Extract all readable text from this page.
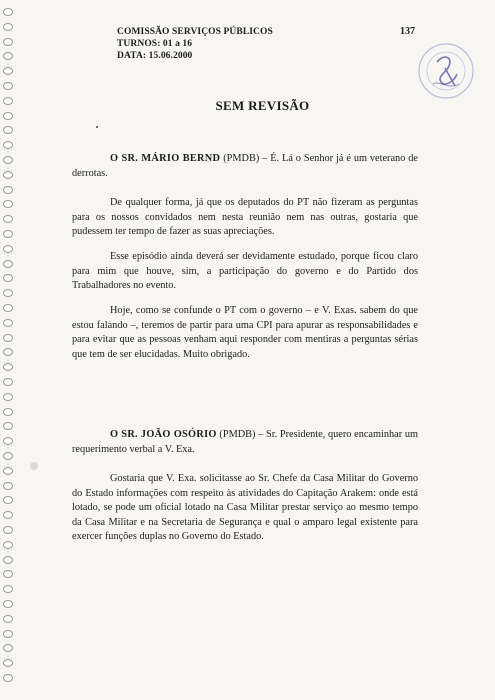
COMISSÃO SERVIÇOS PÚBLICOS
TURNOS: 01 a 16
DATA: 15.06.2000
137
SEM REVISÃO
O SR. MÁRIO BERND (PMDB) – É. Lá o Senhor já é um veterano de derrotas.
De qualquer forma, já que os deputados do PT não fizeram as perguntas para os nossos convidados nem nesta reunião nem nas outras, gostaria que pudessem ter tempo de fazer as suas apreciações.
Esse episódio ainda deverá ser devidamente estudado, porque ficou claro para mim que houve, sim, a participação do governo e do Partido dos Trabalhadores no evento.
Hoje, como se confunde o PT com o governo – e V. Exas. sabem do que estou falando –, teremos de partir para uma CPI para apurar as responsabilidades e para evitar que as pessoas venham aqui responder com mentiras a perguntas sérias que tem de ser elucidadas. Muito obrigado.
O SR. JOÃO OSÓRIO (PMDB) – Sr. Presidente, quero encaminhar um requerimento verbal a V. Exa.
Gostaria que V. Exa. solicitasse ao Sr. Chefe da Casa Militar do Governo do Estado informações com respeito às atividades do Capitação Arakem: onde está lotado, se pode um oficial lotado na Casa Militar prestar serviço ao mesmo tempo da Casa Militar e na Secretaria de Segurança e qual o amparo legal existente para exercer funções duplas no Governo do Estado.
